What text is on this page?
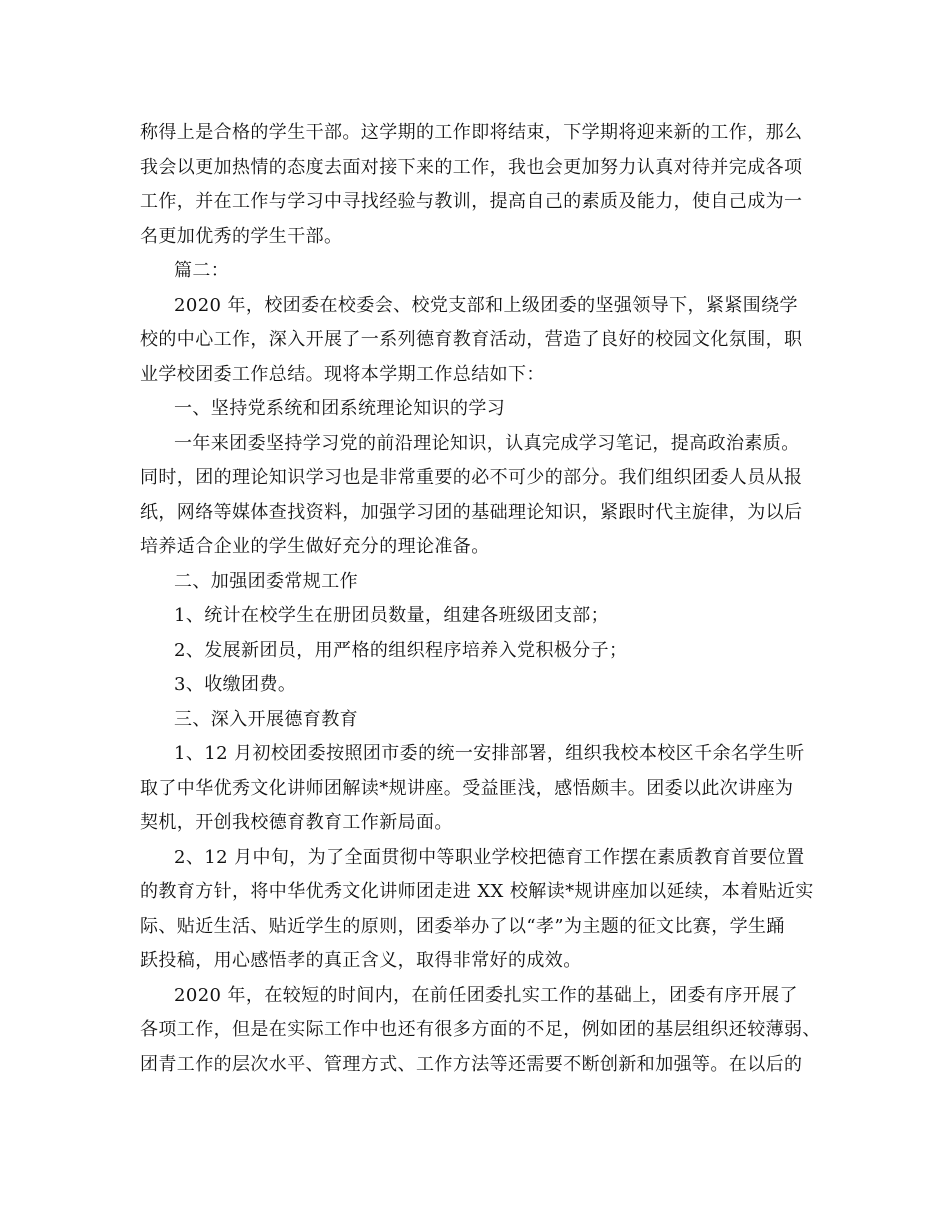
称得上是合格的学生干部。这学期的工作即将结束，下学期将迎来新的工作，那么
我会以更加热情的态度去面对接下来的工作，我也会更加努力认真对待并完成各项
工作，并在工作与学习中寻找经验与教训，提高自己的素质及能力，使自己成为一
名更加优秀的学生干部。
篇二：
2020 年，校团委在校委会、校党支部和上级团委的坚强领导下，紧紧围绕学
校的中心工作，深入开展了一系列德育教育活动，营造了良好的校园文化氛围，职
业学校团委工作总结。现将本学期工作总结如下：
一、坚持党系统和团系统理论知识的学习
一年来团委坚持学习党的前沿理论知识，认真完成学习笔记，提高政治素质。
同时，团的理论知识学习也是非常重要的必不可少的部分。我们组织团委人员从报
纸，网络等媒体查找资料，加强学习团的基础理论知识，紧跟时代主旋律，为以后
培养适合企业的学生做好充分的理论准备。
二、加强团委常规工作
1、统计在校学生在册团员数量，组建各班级团支部；
2、发展新团员，用严格的组织程序培养入党积极分子；
3、收缴团费。
三、深入开展德育教育
1、12 月初校团委按照团市委的统一安排部署，组织我校本校区千余名学生听
取了中华优秀文化讲师团解读*规讲座。受益匪浅，感悟颇丰。团委以此次讲座为
契机，开创我校德育教育工作新局面。
2、12 月中旬，为了全面贯彻中等职业学校把德育工作摆在素质教育首要位置
的教育方针，将中华优秀文化讲师团走进 XX 校解读*规讲座加以延续，本着贴近实
际、贴近生活、贴近学生的原则，团委举办了以“孝”为主题的征文比赛，学生踊
跃投稿，用心感悟孝的真正含义，取得非常好的成效。
2020 年，在较短的时间内，在前任团委扎实工作的基础上，团委有序开展了
各项工作，但是在实际工作中也还有很多方面的不足，例如团的基层组织还较薄弱、
团青工作的层次水平、管理方式、工作方法等还需要不断创新和加强等。在以后的
